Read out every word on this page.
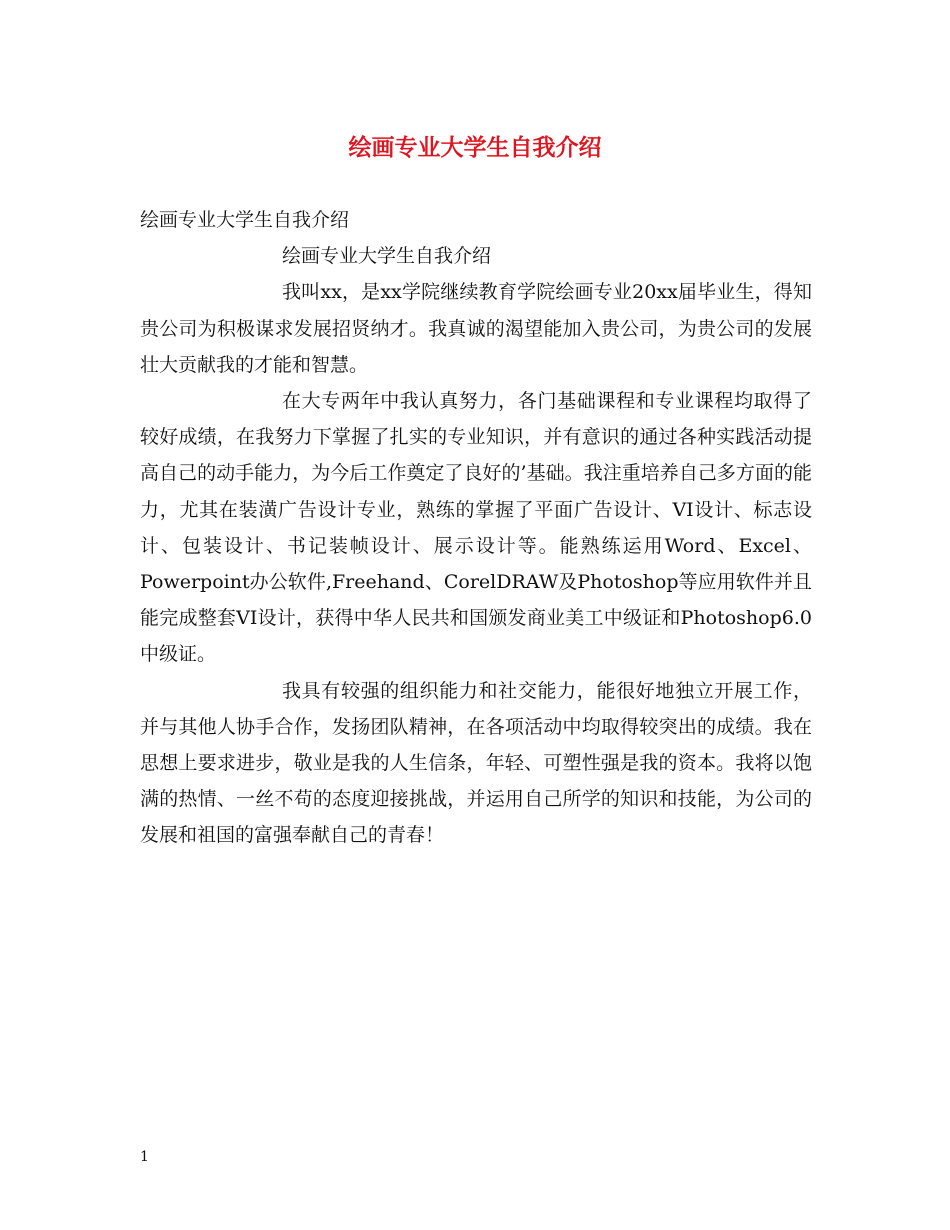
绘画专业大学生自我介绍

绘画专业大学生自我介绍

绘画专业大学生自我介绍

我叫xx，是xx学院继续教育学院绘画专业20xx届毕业生，得知贵公司为积极谋求发展招贤纳才。我真诚的渴望能加入贵公司，为贵公司的发展壮大贡献我的才能和智慧。

在大专两年中我认真努力，各门基础课程和专业课程均取得了较好成绩，在我努力下掌握了扎实的专业知识，并有意识的通过各种实践活动提高自己的动手能力，为今后工作奠定了良好的’基础。我注重培养自己多方面的能力，尤其在装潢广告设计专业，熟练的掌握了平面广告设计、VI设计、标志设计、包装设计、书记装帧设计、展示设计等。能熟练运用Word、Excel、Powerpoint办公软件,Freehand、CorelDRAW及Photoshop等应用软件并且能完成整套VI设计，获得中华人民共和国颁发商业美工中级证和Photoshop6.0中级证。

我具有较强的组织能力和社交能力，能很好地独立开展工作，并与其他人协手合作，发扬团队精神，在各项活动中均取得较突出的成绩。我在思想上要求进步，敬业是我的人生信条，年轻、可塑性强是我的资本。我将以饱满的热情、一丝不苟的态度迎接挑战，并运用自己所学的知识和技能，为公司的发展和祖国的富强奉献自己的青春！

1
